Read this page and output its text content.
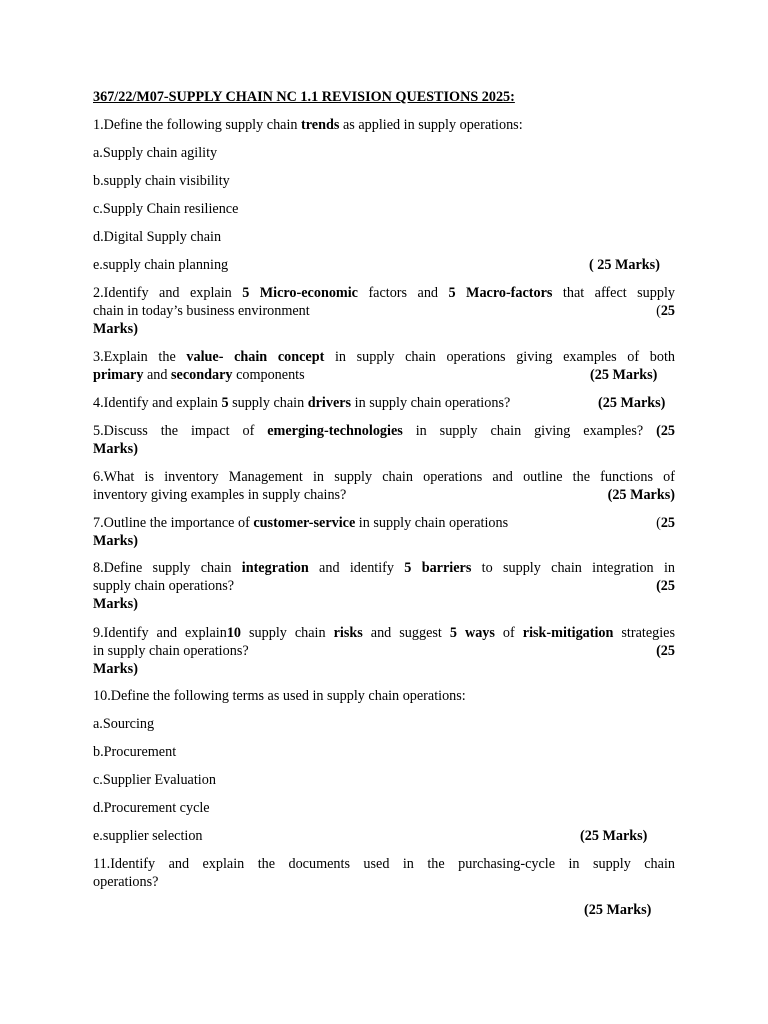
367/22/M07-SUPPLY CHAIN NC 1.1 REVISION QUESTIONS 2025:
1.Define the following supply chain trends as applied in supply operations:
a.Supply chain agility
b.supply chain visibility
c.Supply Chain resilience
d.Digital Supply chain
e.supply chain planning	( 25 Marks)
2.Identify and explain 5 Micro-economic factors and 5 Macro-factors that affect supply
chain in today’s business environment	(25
Marks)
3.Explain the value- chain concept in supply chain operations giving examples of both
primary and secondary components	(25 Marks)
4.Identify and explain 5 supply chain drivers in supply chain operations?	(25 Marks)
5.Discuss the impact of emerging-technologies in supply chain giving examples? (25
Marks)
6.What is inventory Management in supply chain operations and outline the functions of
inventory giving examples in supply chains?	(25 Marks)
7.Outline the importance of customer-service in supply chain operations	(25
Marks)
8.Define supply chain integration and identify 5 barriers to supply chain integration in
supply chain operations?	(25
Marks)
9.Identify and explain10 supply chain risks and suggest 5 ways of risk-mitigation strategies
in supply chain operations?	(25
Marks)
10.Define the following terms as used in supply chain operations:
a.Sourcing
b.Procurement
c.Supplier Evaluation
d.Procurement cycle
e.supplier selection	(25 Marks)
11.Identify and explain the documents used in the purchasing-cycle in supply chain
operations?
(25 Marks)
